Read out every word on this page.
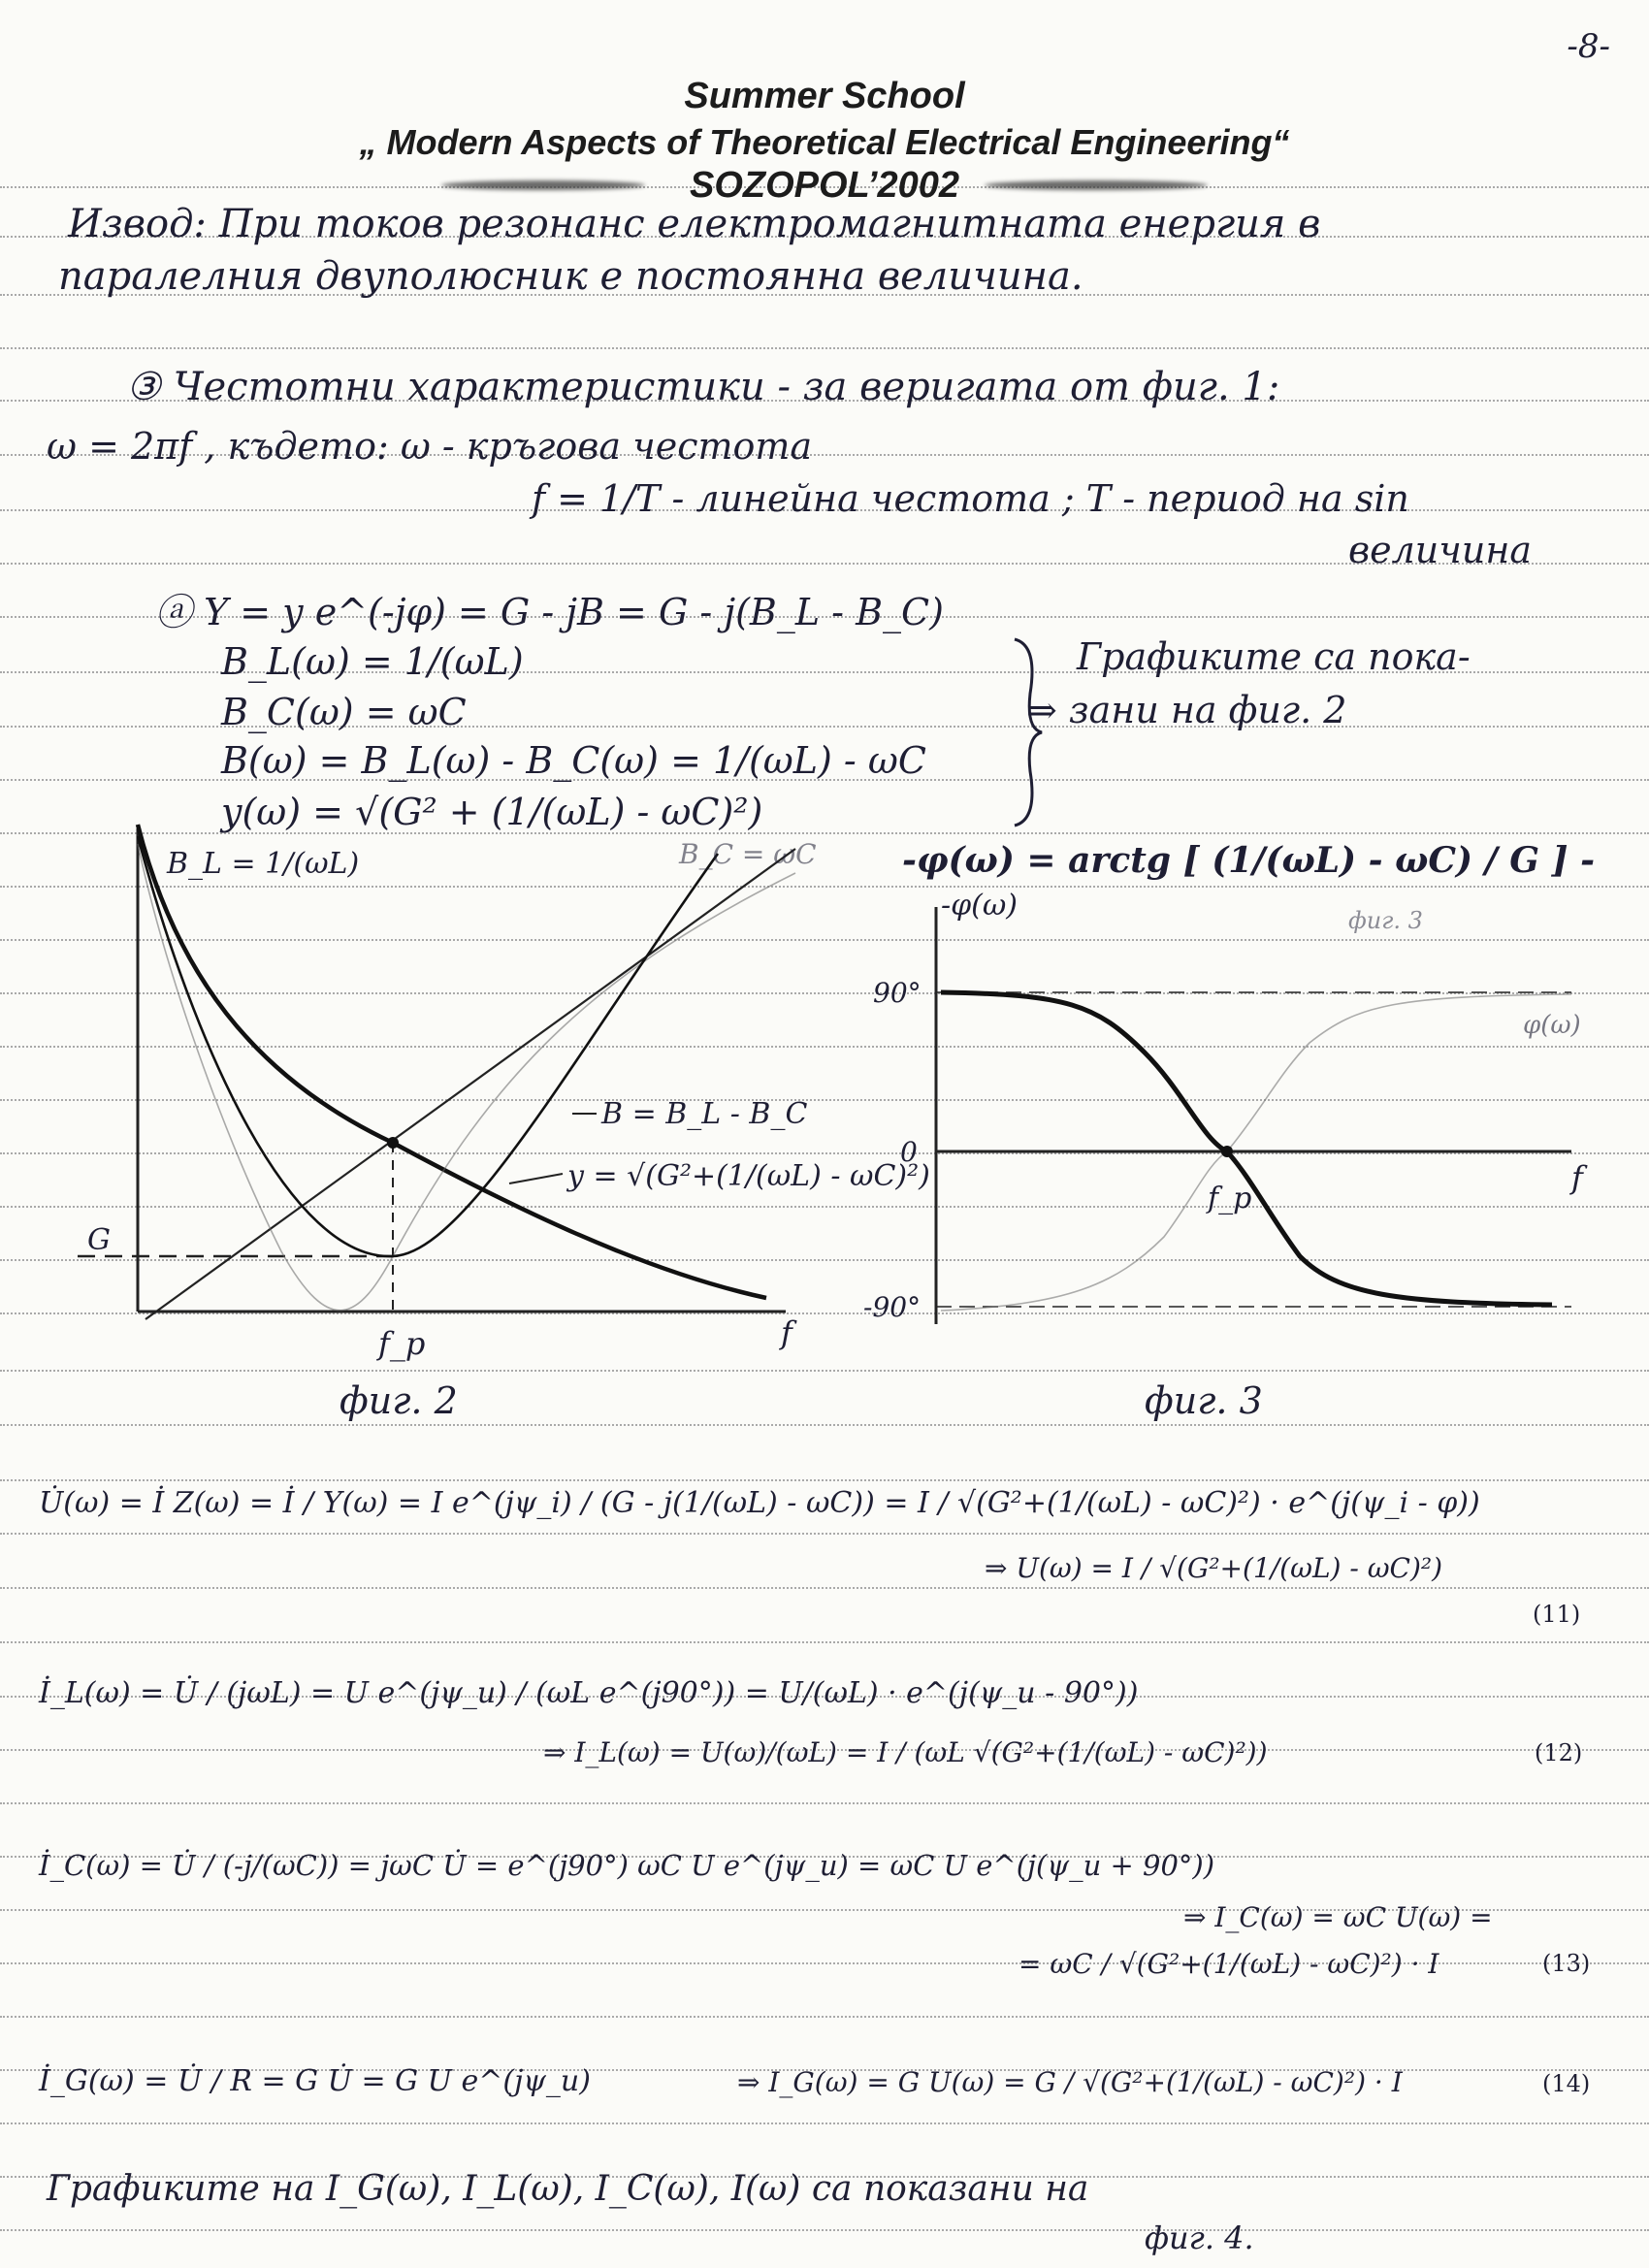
-8-
Summer School
„ Modern Aspects of Theoretical Electrical Engineering“
SOZOPOL’2002
Извод: При токов резонанс електромагнитната енергия в
паралелния двуполюсник е постоянна величина.
③ Честотни характеристики - за веригата от фиг. 1:
ω = 2πf , където: ω - кръгова честота
f = 1/T - линейна честота ; T - период на sin
величина
ⓐ Y = y e^(-jφ) = G - jB = G - j(B_L - B_C)
B_L(ω) = 1/(ωL)
B_C(ω) = ωC
B(ω) = B_L(ω) - B_C(ω) = 1/(ωL) - ωC
y(ω) = √(G² + (1/(ωL) - ωC)²)
Графиките са пока-
⇒ зани на фиг. 2
-φ(ω) = arctg [ (1/(ωL) - ωC) / G ] -
B_L = 1/(ωL)	B_C = ωC
B = B_L - B_C
y = √(G²+(1/(ωL) - ωC)²)
G
f_p	f
фиг. 2
-φ(ω)
90°
0
-90°
φ(ω)
f_p
f
фиг. 3
фиг. 3
U̇(ω) = İ Z(ω) = İ / Y(ω) = I e^(jψ_i) / (G - j(1/(ωL) - ωC)) = I / √(G²+(1/(ωL) - ωC)²) · e^(j(ψ_i - φ))
⇒ U(ω) = I / √(G²+(1/(ωL) - ωC)²)
(11)
İ_L(ω) = U̇ / (jωL) = U e^(jψ_u) / (ωL e^(j90°)) = U/(ωL) · e^(j(ψ_u - 90°))
⇒ I_L(ω) = U(ω)/(ωL) = I / (ωL √(G²+(1/(ωL) - ωC)²))	(12)
İ_C(ω) = U̇ / (-j/(ωC)) = jωC U̇ = e^(j90°) ωC U e^(jψ_u) = ωC U e^(j(ψ_u + 90°))
⇒ I_C(ω) = ωC U(ω) =
= ωC / √(G²+(1/(ωL) - ωC)²) · I	(13)
İ_G(ω) = U̇ / R = G U̇ = G U e^(jψ_u)	⇒ I_G(ω) = G U(ω) = G / √(G²+(1/(ωL) - ωC)²) · I	(14)
Графиките на I_G(ω), I_L(ω), I_C(ω), I(ω) са показани на
фиг. 4.
